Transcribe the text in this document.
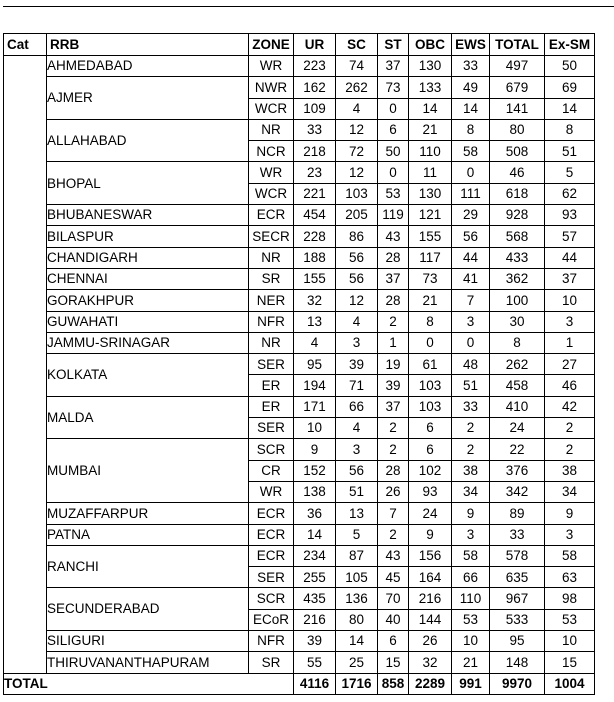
Cat	RRB	ZONE	UR	SC	ST	OBC	EWS	TOTAL	Ex-SM
	AHMEDABAD	WR	223	74	37	130	33	497	50
	AJMER	NWR	162	262	73	133	49	679	69
		WCR	109	4	0	14	14	141	14
	ALLAHABAD	NR	33	12	6	21	8	80	8
		NCR	218	72	50	110	58	508	51
	BHOPAL	WR	23	12	0	11	0	46	5
		WCR	221	103	53	130	111	618	62
	BHUBANESWAR	ECR	454	205	119	121	29	928	93
	BILASPUR	SECR	228	86	43	155	56	568	57
	CHANDIGARH	NR	188	56	28	117	44	433	44
	CHENNAI	SR	155	56	37	73	41	362	37
	GORAKHPUR	NER	32	12	28	21	7	100	10
	GUWAHATI	NFR	13	4	2	8	3	30	3
	JAMMU-SRINAGAR	NR	4	3	1	0	0	8	1
	KOLKATA	SER	95	39	19	61	48	262	27
		ER	194	71	39	103	51	458	46
	MALDA	ER	171	66	37	103	33	410	42
		SER	10	4	2	6	2	24	2
	MUMBAI	SCR	9	3	2	6	2	22	2
		CR	152	56	28	102	38	376	38
		WR	138	51	26	93	34	342	34
	MUZAFFARPUR	ECR	36	13	7	24	9	89	9
	PATNA	ECR	14	5	2	9	3	33	3
	RANCHI	ECR	234	87	43	156	58	578	58
		SER	255	105	45	164	66	635	63
	SECUNDERABAD	SCR	435	136	70	216	110	967	98
		ECoR	216	80	40	144	53	533	53
	SILIGURI	NFR	39	14	6	26	10	95	10
	THIRUVANANTHAPURAM	SR	55	25	15	32	21	148	15
TOTAL			4116	1716	858	2289	991	9970	1004
